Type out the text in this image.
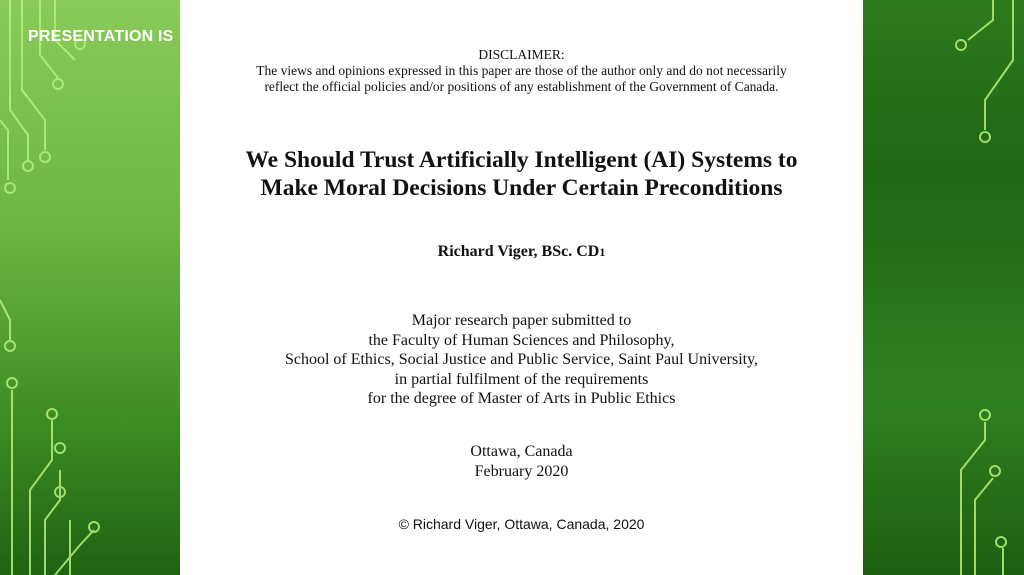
PRESENTATION IS
DISCLAIMER:
The views and opinions expressed in this paper are those of the author only and do not necessarily
reflect the official policies and/or positions of any establishment of the Government of Canada.
We Should Trust Artificially Intelligent (AI) Systems to
Make Moral Decisions Under Certain Preconditions
Richard Viger, BSc. CD1
Major research paper submitted to
the Faculty of Human Sciences and Philosophy,
School of Ethics, Social Justice and Public Service, Saint Paul University,
in partial fulfilment of the requirements
for the degree of Master of Arts in Public Ethics
Ottawa, Canada
February 2020
© Richard Viger, Ottawa, Canada, 2020
